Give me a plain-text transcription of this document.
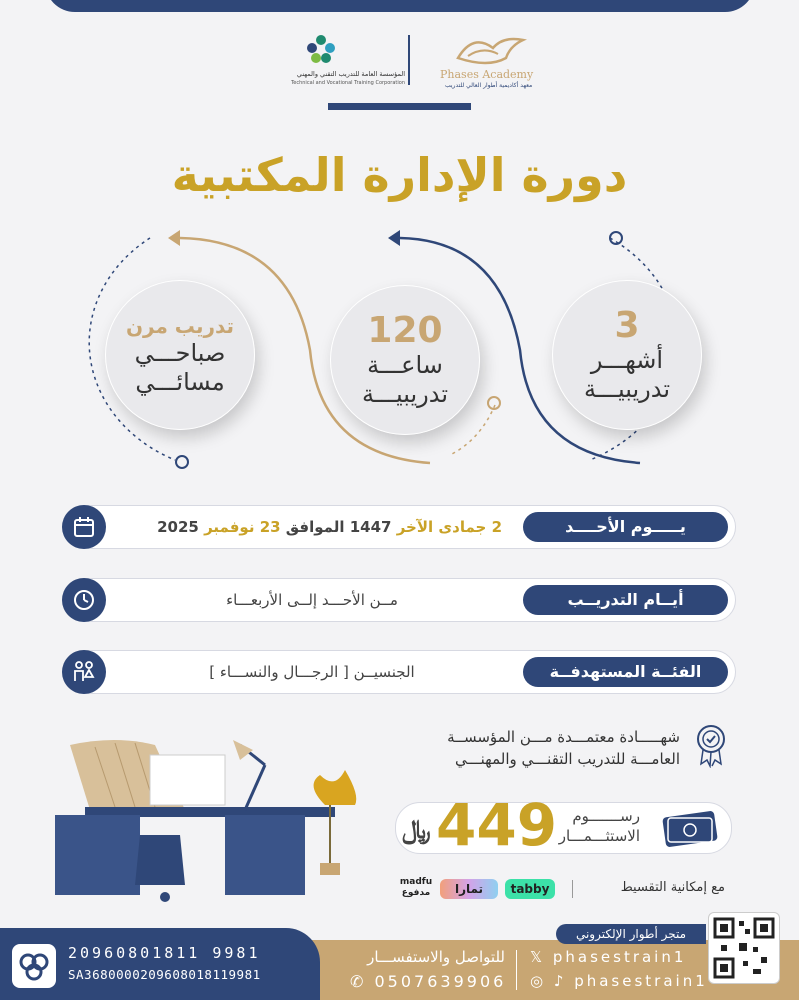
Phases Academy
معهد أكاديمية أطوار العالي للتدريب
المؤسسة العامة للتدريب التقني والمهني
Technical and Vocational Training Corporation
دورة الإدارة المكتبية
3
أشهـــر
تدريبيـــة
120
ساعـــة
تدريبيـــة
تدريب مرن
صباحـــي
مسائـــي
يـــــوم الأحــــد
2 جمادى الآخر 1447 الموافق 23 نوفمبر 2025
أيــام التدريــب
مــن الأحـــد إلــى الأربعـــاء
الفئــة المستهدفــة
الجنسيــن [ الرجـــال والنســـاء ]
شهـــــادة معتمـــدة مـــن المؤسســة
العامـــة للتدريب التقنـــي والمهنـــي
رســـــــوم
الاستثـــمـــار
449
﷼
مع إمكانية التقسيط
tabby
تمارا
madfu
مدفوع
20960801811 9981
SA3680000209608018119981
للتواصل والاستفســـار
✆ 0507639906
𝕏 phasestrain1
◎ ♪ phasestrain1
متجر أطوار الإلكتروني
